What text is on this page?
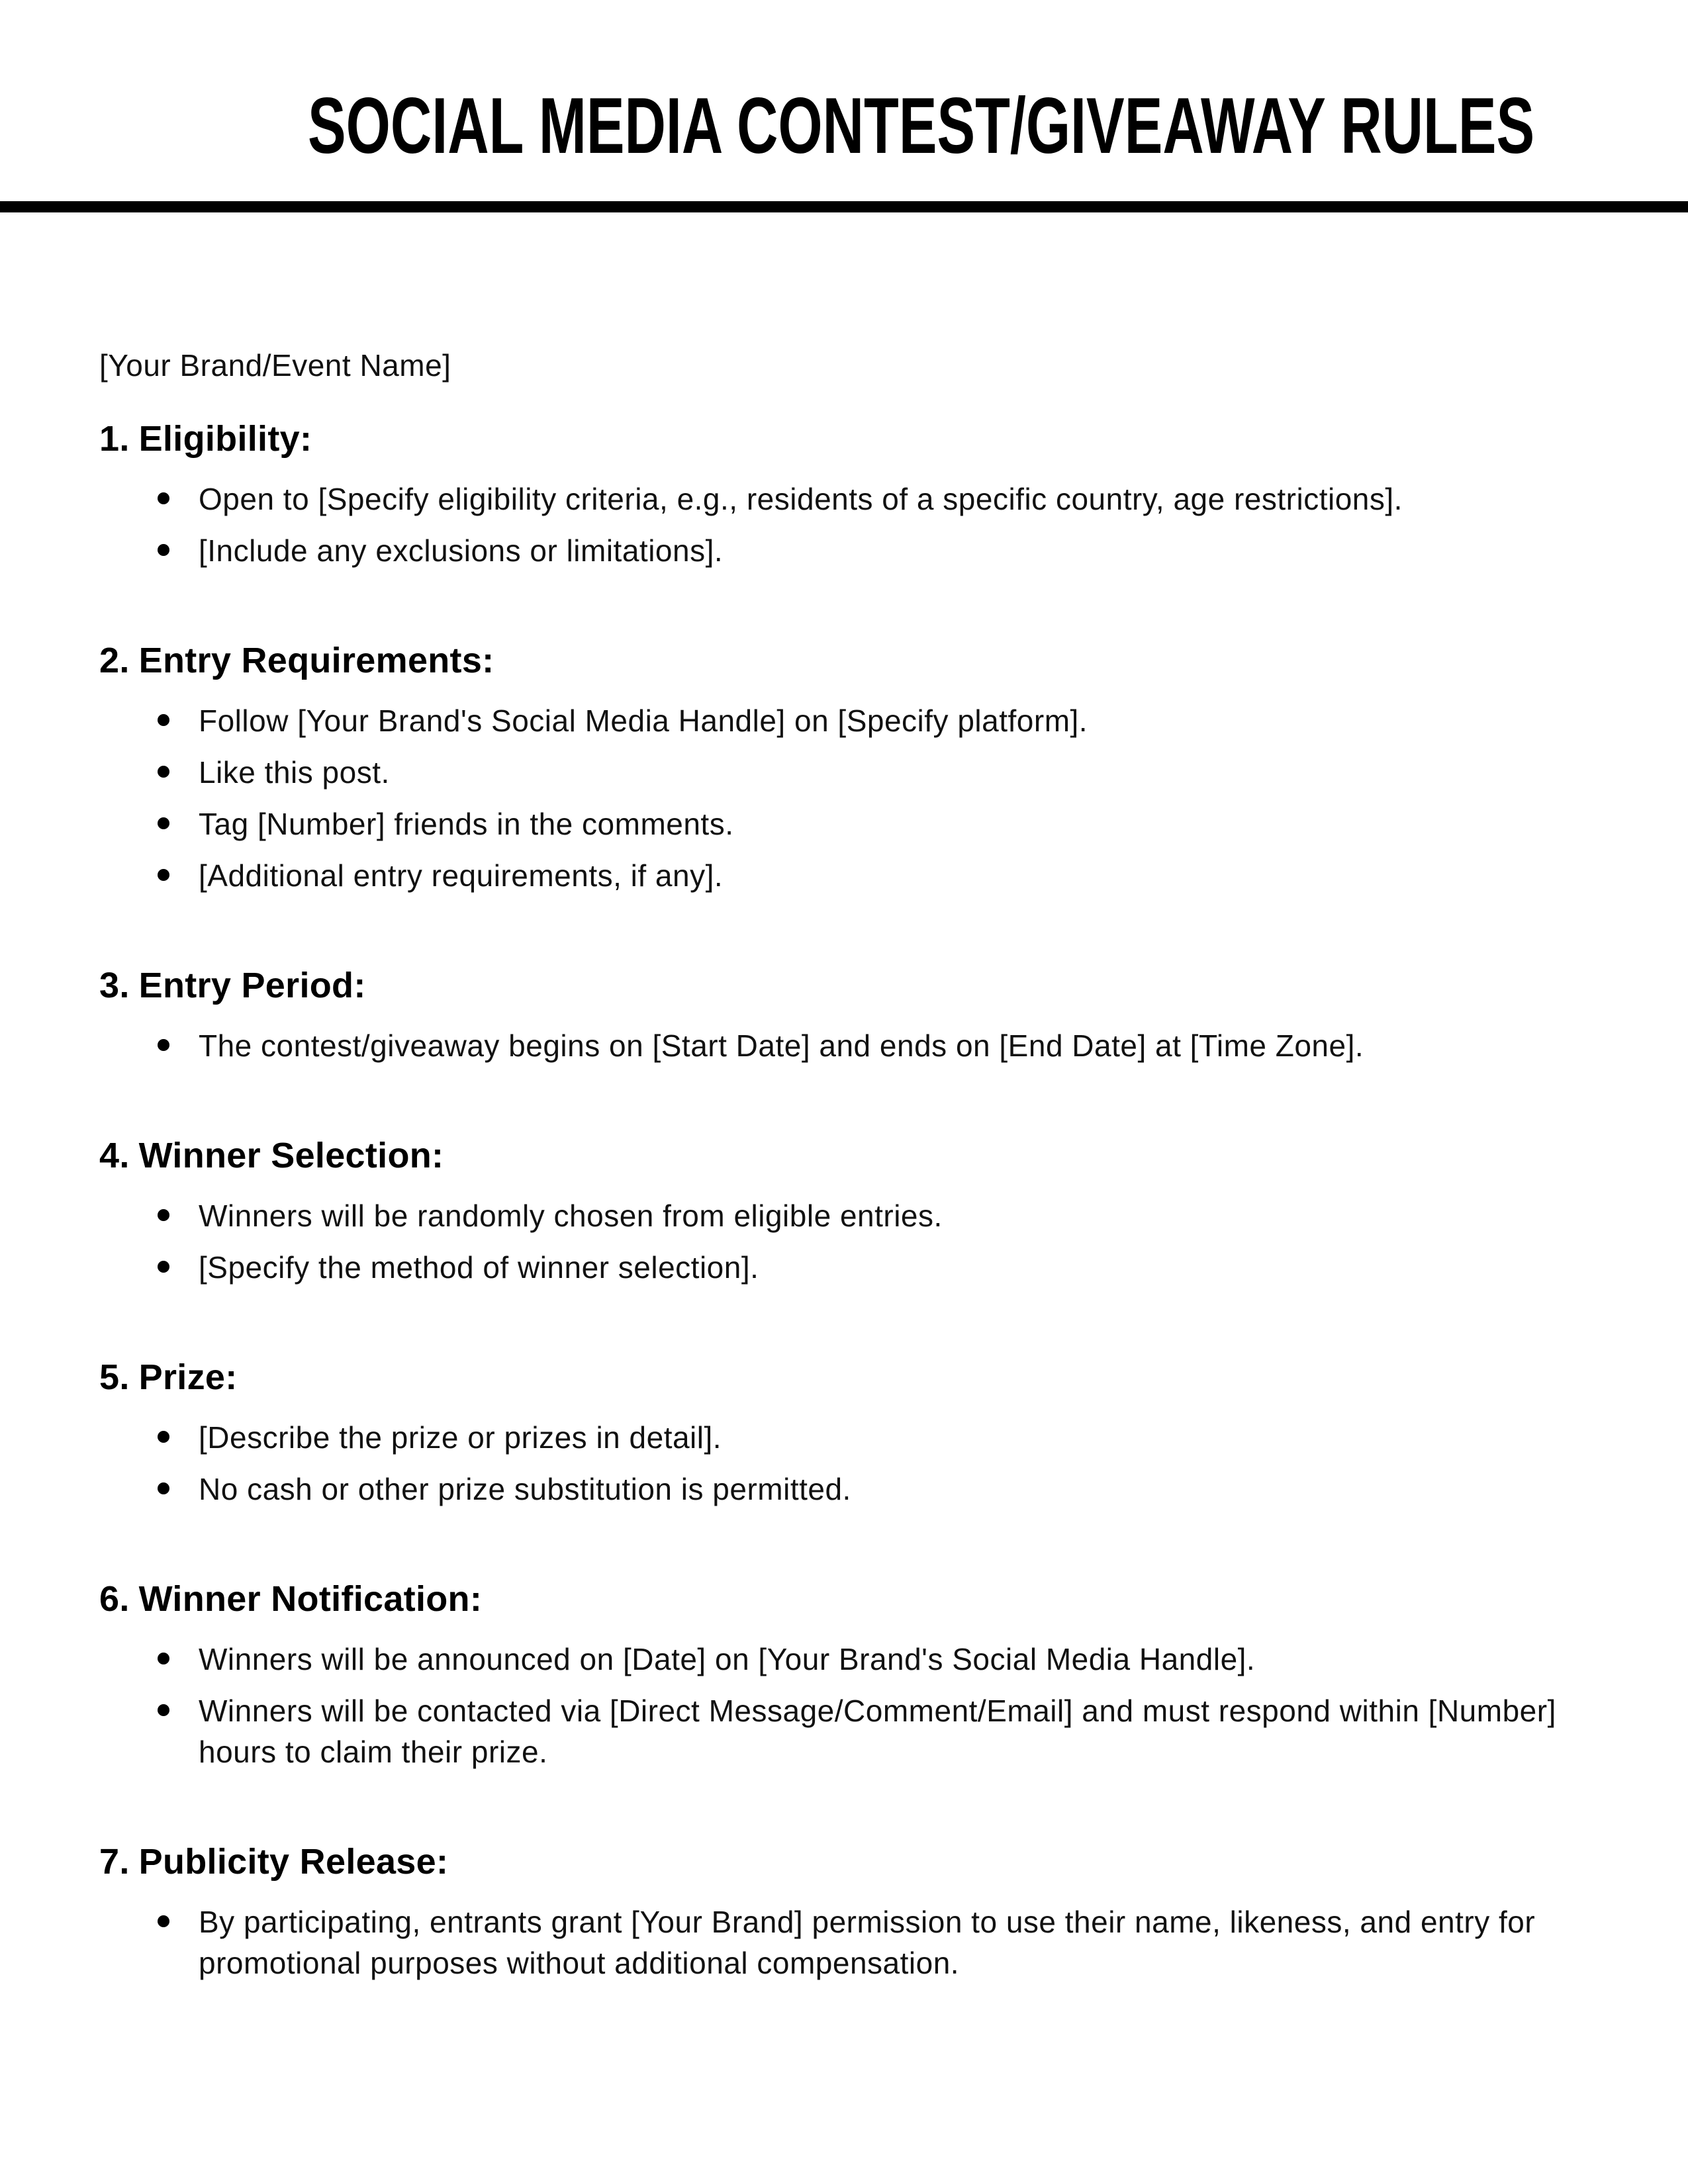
SOCIAL MEDIA CONTEST/GIVEAWAY RULES

[Your Brand/Event Name]

1. Eligibility:
Open to [Specify eligibility criteria, e.g., residents of a specific country, age restrictions].
[Include any exclusions or limitations].
2. Entry Requirements:
Follow [Your Brand's Social Media Handle] on [Specify platform].
Like this post.
Tag [Number] friends in the comments.
[Additional entry requirements, if any].
3. Entry Period:
The contest/giveaway begins on [Start Date] and ends on [End Date] at [Time Zone].
4. Winner Selection:
Winners will be randomly chosen from eligible entries.
[Specify the method of winner selection].
5. Prize:
[Describe the prize or prizes in detail].
No cash or other prize substitution is permitted.
6. Winner Notification:
Winners will be announced on [Date] on [Your Brand's Social Media Handle].
Winners will be contacted via [Direct Message/Comment/Email] and must respond within [Number] hours to claim their prize.
7. Publicity Release:
By participating, entrants grant [Your Brand] permission to use their name, likeness, and entry for promotional purposes without additional compensation.
